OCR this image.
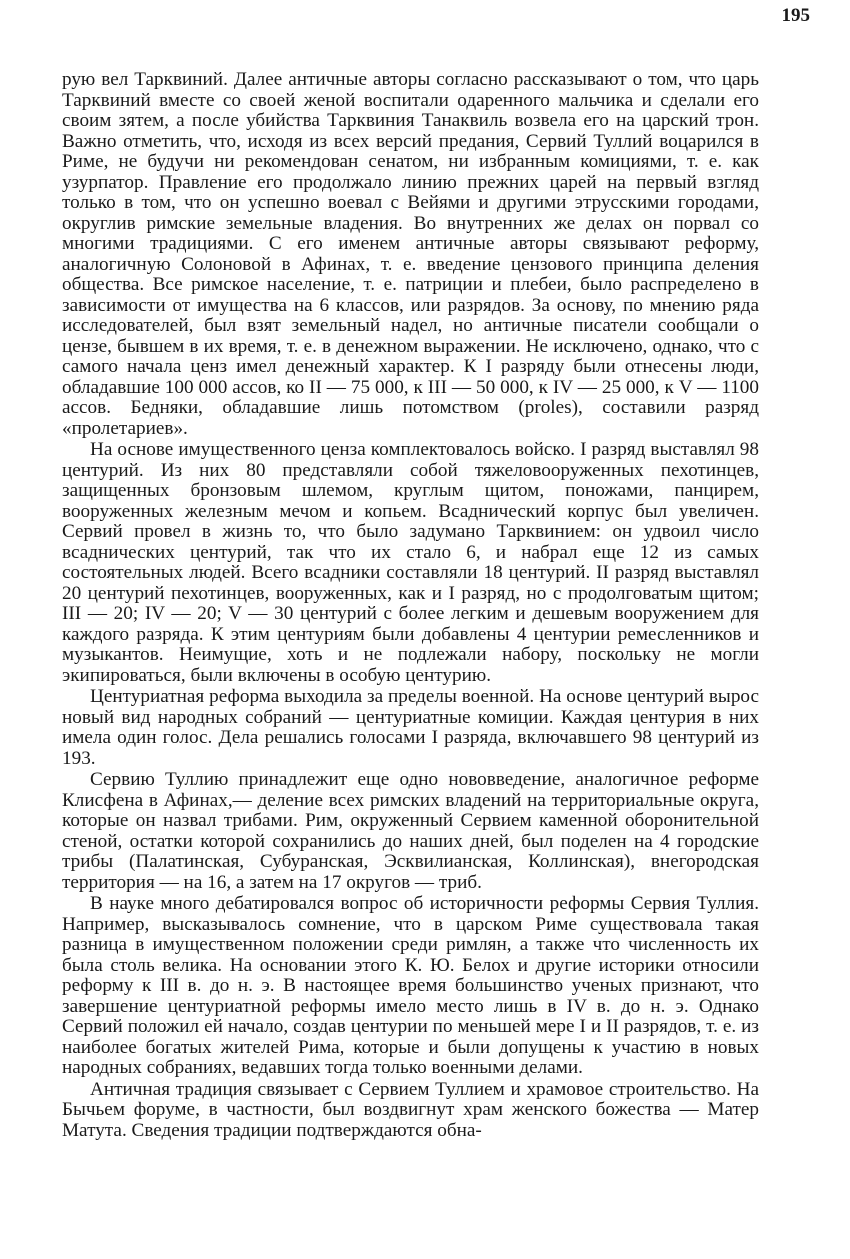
195

рую вел Тарквиний. Далее античные авторы согласно рассказывают о том, что царь Тарквиний вместе со своей женой воспитали одаренного мальчика и сделали его своим зятем, а после убийства Тарквиния Танаквиль возвела его на царский трон. Важно отметить, что, исходя из всех версий предания, Сервий Туллий воцарился в Риме, не будучи ни рекомендован сенатом, ни избранным комициями, т. е. как узурпатор. Правление его продолжало линию прежних царей на первый взгляд только в том, что он успешно воевал с Вейями и другими этрусскими городами, округлив римские земельные владения. Во внутренних же делах он порвал со многими традициями. С его именем античные авторы связывают реформу, аналогичную Солоновой в Афинах, т. е. введение цензового принципа деления общества. Все римское население, т. е. патриции и плебеи, было распределено в зависимости от имущества на 6 классов, или разрядов. За основу, по мнению ряда исследователей, был взят земельный надел, но античные писатели сообщали о цензе, бывшем в их время, т. е. в денежном выражении. Не исключено, однако, что с самого начала ценз имел денежный характер. К I разряду были отнесены люди, обладавшие 100 000 ассов, ко II — 75 000, к III — 50 000, к IV — 25 000, к V — 1100 ассов. Бедняки, обладавшие лишь потомством (proles), составили разряд «пролетариев».

На основе имущественного ценза комплектовалось войско. I разряд выставлял 98 центурий. Из них 80 представляли собой тяжеловооруженных пехотинцев, защищенных бронзовым шлемом, круглым щитом, поножами, панцирем, вооруженных железным мечом и копьем. Всаднический корпус был увеличен. Сервий провел в жизнь то, что было задумано Тарквинием: он удвоил число всаднических центурий, так что их стало 6, и набрал еще 12 из самых состоятельных людей. Всего всадники составляли 18 центурий. II разряд выставлял 20 центурий пехотинцев, вооруженных, как и I разряд, но с продолговатым щитом; III — 20; IV — 20; V — 30 центурий с более легким и дешевым вооружением для каждого разряда. К этим центуриям были добавлены 4 центурии ремесленников и музыкантов. Неимущие, хоть и не подлежали набору, поскольку не могли экипироваться, были включены в особую центурию.

Центуриатная реформа выходила за пределы военной. На основе центурий вырос новый вид народных собраний — центуриатные комиции. Каждая центурия в них имела один голос. Дела решались голосами I разряда, включавшего 98 центурий из 193.

Сервию Туллию принадлежит еще одно нововведение, аналогичное реформе Клисфена в Афинах,— деление всех римских владений на территориальные округа, которые он назвал трибами. Рим, окруженный Сервием каменной оборонительной стеной, остатки которой сохранились до наших дней, был поделен на 4 городские трибы (Палатинская, Субуранская, Эсквилианская, Коллинская), внегородская территория — на 16, а затем на 17 округов — триб.

В науке много дебатировался вопрос об историчности реформы Сервия Туллия. Например, высказывалось сомнение, что в царском Риме существовала такая разница в имущественном положении среди римлян, а также что численность их была столь велика. На основании этого К. Ю. Белох и другие историки относили реформу к III в. до н. э. В настоящее время большинство ученых признают, что завершение центуриатной реформы имело место лишь в IV в. до н. э. Однако Сервий положил ей начало, создав центурии по меньшей мере I и II разрядов, т. е. из наиболее богатых жителей Рима, которые и были допущены к участию в новых народных собраниях, ведавших тогда только военными делами.

Античная традиция связывает с Сервием Туллием и храмовое строительство. На Бычьем форуме, в частности, был воздвигнут храм женского божества — Матер Матута. Сведения традиции подтверждаются обна-
